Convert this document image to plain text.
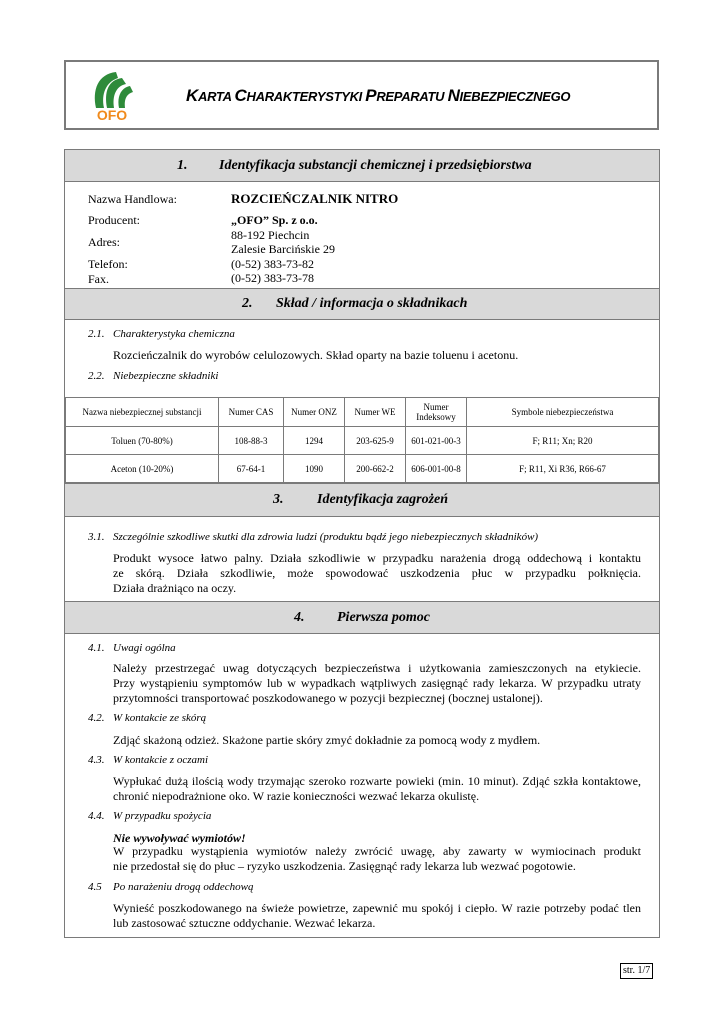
OFO
KARTA CHARAKTERYSTYKI PREPARATU NIEBEZPIECZNEGO
1. Identyfikacja substancji chemicznej i przedsiębiorstwa
Nazwa Handlowa:	ROZCIEŃCZALNIK NITRO
Producent:	„OFO” Sp. z o.o.
Adres:	88-192 Piechcin
Zalesie Barcińskie 29
Telefon:	(0-52) 383-73-82
Fax.	(0-52) 383-73-78
2. Skład / informacja o składnikach
2.1. Charakterystyka chemiczna
Rozcieńczalnik do wyrobów celulozowych. Skład oparty na bazie toluenu i acetonu.
2.2. Niebezpieczne składniki
Nazwa niebezpiecznej substancji	Numer CAS	Numer ONZ	Numer WE	Numer Indeksowy	Symbole niebezpieczeństwa
Toluen (70-80%)	108-88-3	1294	203-625-9	601-021-00-3	F; R11; Xn; R20
Aceton (10-20%)	67-64-1	1090	200-662-2	606-001-00-8	F; R11, Xi R36, R66-67
3. Identyfikacja zagrożeń
3.1. Szczególnie szkodliwe skutki dla zdrowia ludzi (produktu bądź jego niebezpiecznych składników)
Produkt wysoce łatwo palny. Działa szkodliwie w przypadku narażenia drogą oddechową i kontaktu
ze skórą. Działa szkodliwie, może spowodować uszkodzenia płuc w przypadku połknięcia.
Działa drażniąco na oczy.
4. Pierwsza pomoc
4.1. Uwagi ogólna
Należy przestrzegać uwag dotyczących bezpieczeństwa i użytkowania zamieszczonych na etykiecie.
Przy wystąpieniu symptomów lub w wypadkach wątpliwych zasięgnąć rady lekarza. W przypadku utraty
przytomności transportować poszkodowanego w pozycji bezpiecznej (bocznej ustalonej).
4.2. W kontakcie ze skórą
Zdjąć skażoną odzież. Skażone partie skóry zmyć dokładnie za pomocą wody z mydłem.
4.3. W kontakcie z oczami
Wypłukać dużą ilością wody trzymając szeroko rozwarte powieki (min. 10 minut). Zdjąć szkła kontaktowe,
chronić niepodrażnione oko. W razie konieczności wezwać lekarza okulistę.
4.4. W przypadku spożycia
Nie wywoływać wymiotów!
W przypadku wystąpienia wymiotów należy zwrócić uwagę, aby zawarty w wymiocinach produkt
nie przedostał się do płuc – ryzyko uszkodzenia. Zasięgnąć rady lekarza lub wezwać pogotowie.
4.5 Po narażeniu drogą oddechową
Wynieść poszkodowanego na świeże powietrze, zapewnić mu spokój i ciepło. W razie potrzeby podać tlen
lub zastosować sztuczne oddychanie. Wezwać lekarza.
str. 1/7
